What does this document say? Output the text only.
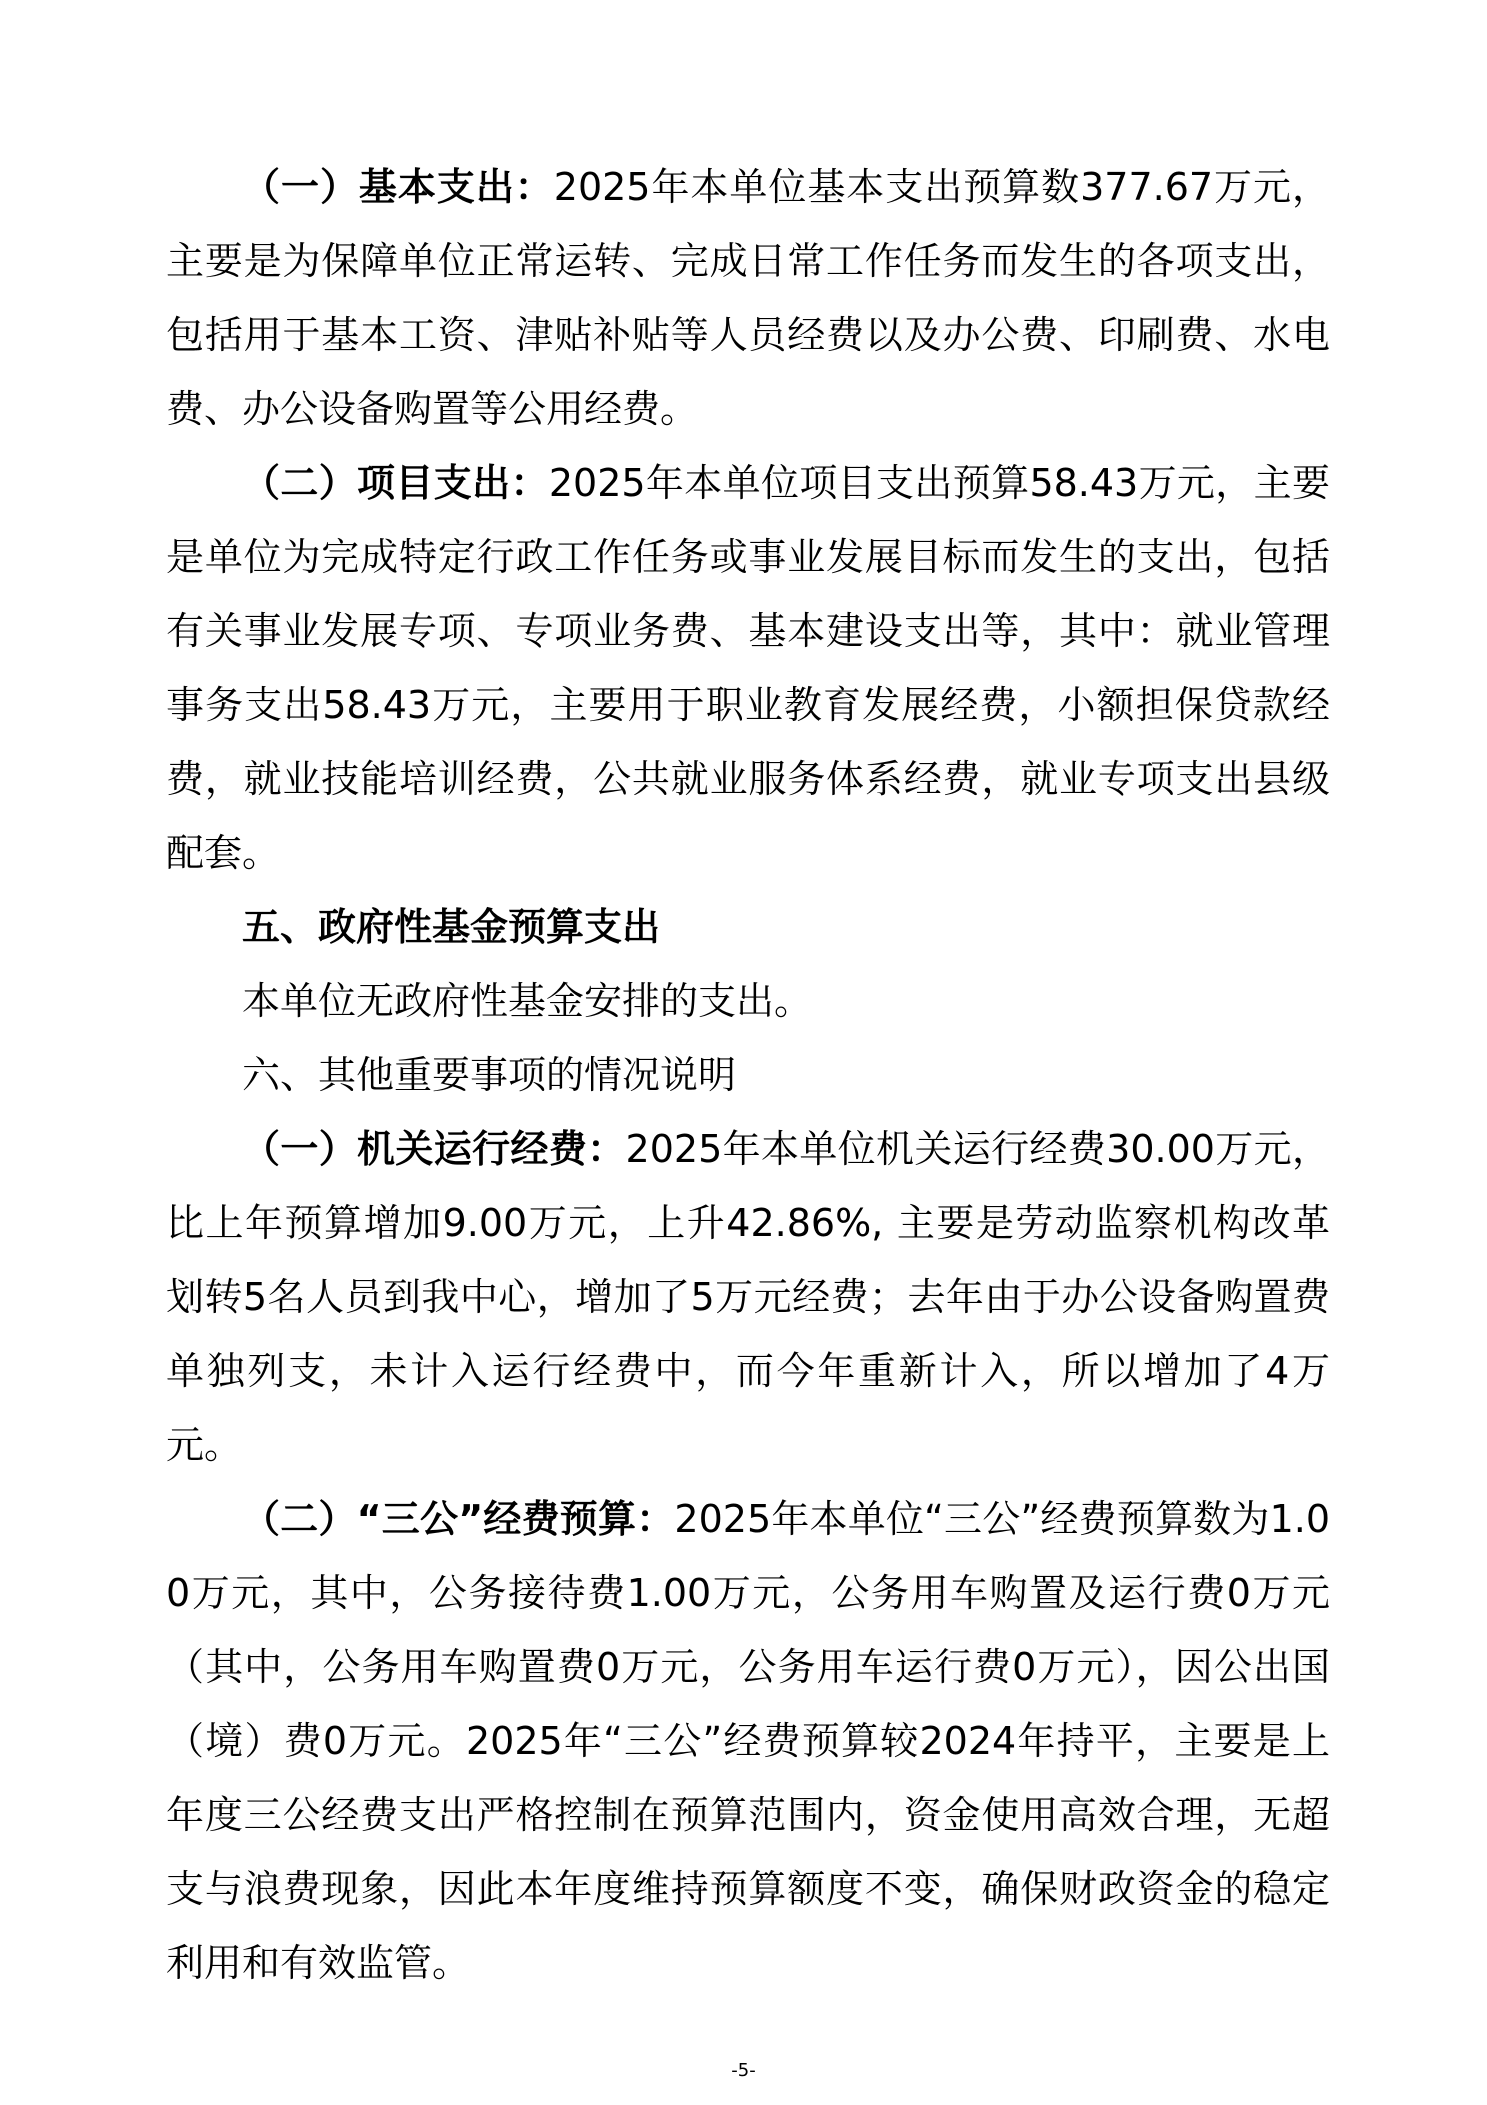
（一）基本支出：2025年本单位基本支出预算数377.67万元，主要是为保障单位正常运转、完成日常工作任务而发生的各项支出，包括用于基本工资、津贴补贴等人员经费以及办公费、印刷费、水电费、办公设备购置等公用经费。

（二）项目支出：2025年本单位项目支出预算58.43万元，主要是单位为完成特定行政工作任务或事业发展目标而发生的支出，包括有关事业发展专项、专项业务费、基本建设支出等，其中：就业管理事务支出58.43万元，主要用于职业教育发展经费，小额担保贷款经费，就业技能培训经费，公共就业服务体系经费，就业专项支出县级配套。

五、政府性基金预算支出

本单位无政府性基金安排的支出。

六、其他重要事项的情况说明

（一）机关运行经费：2025年本单位机关运行经费30.00万元，比上年预算增加9.00万元，上升42.86%, 主要是劳动监察机构改革划转5名人员到我中心，增加了5万元经费；去年由于办公设备购置费单独列支，未计入运行经费中，而今年重新计入，所以增加了4万元。

（二）“三公”经费预算：2025年本单位“三公”经费预算数为1.00万元，其中，公务接待费1.00万元，公务用车购置及运行费0万元（其中，公务用车购置费0万元，公务用车运行费0万元），因公出国（境）费0万元。2025年“三公”经费预算较2024年持平，主要是上年度三公经费支出严格控制在预算范围内，资金使用高效合理，无超支与浪费现象，因此本年度维持预算额度不变，确保财政资金的稳定利用和有效监管。

-5-
